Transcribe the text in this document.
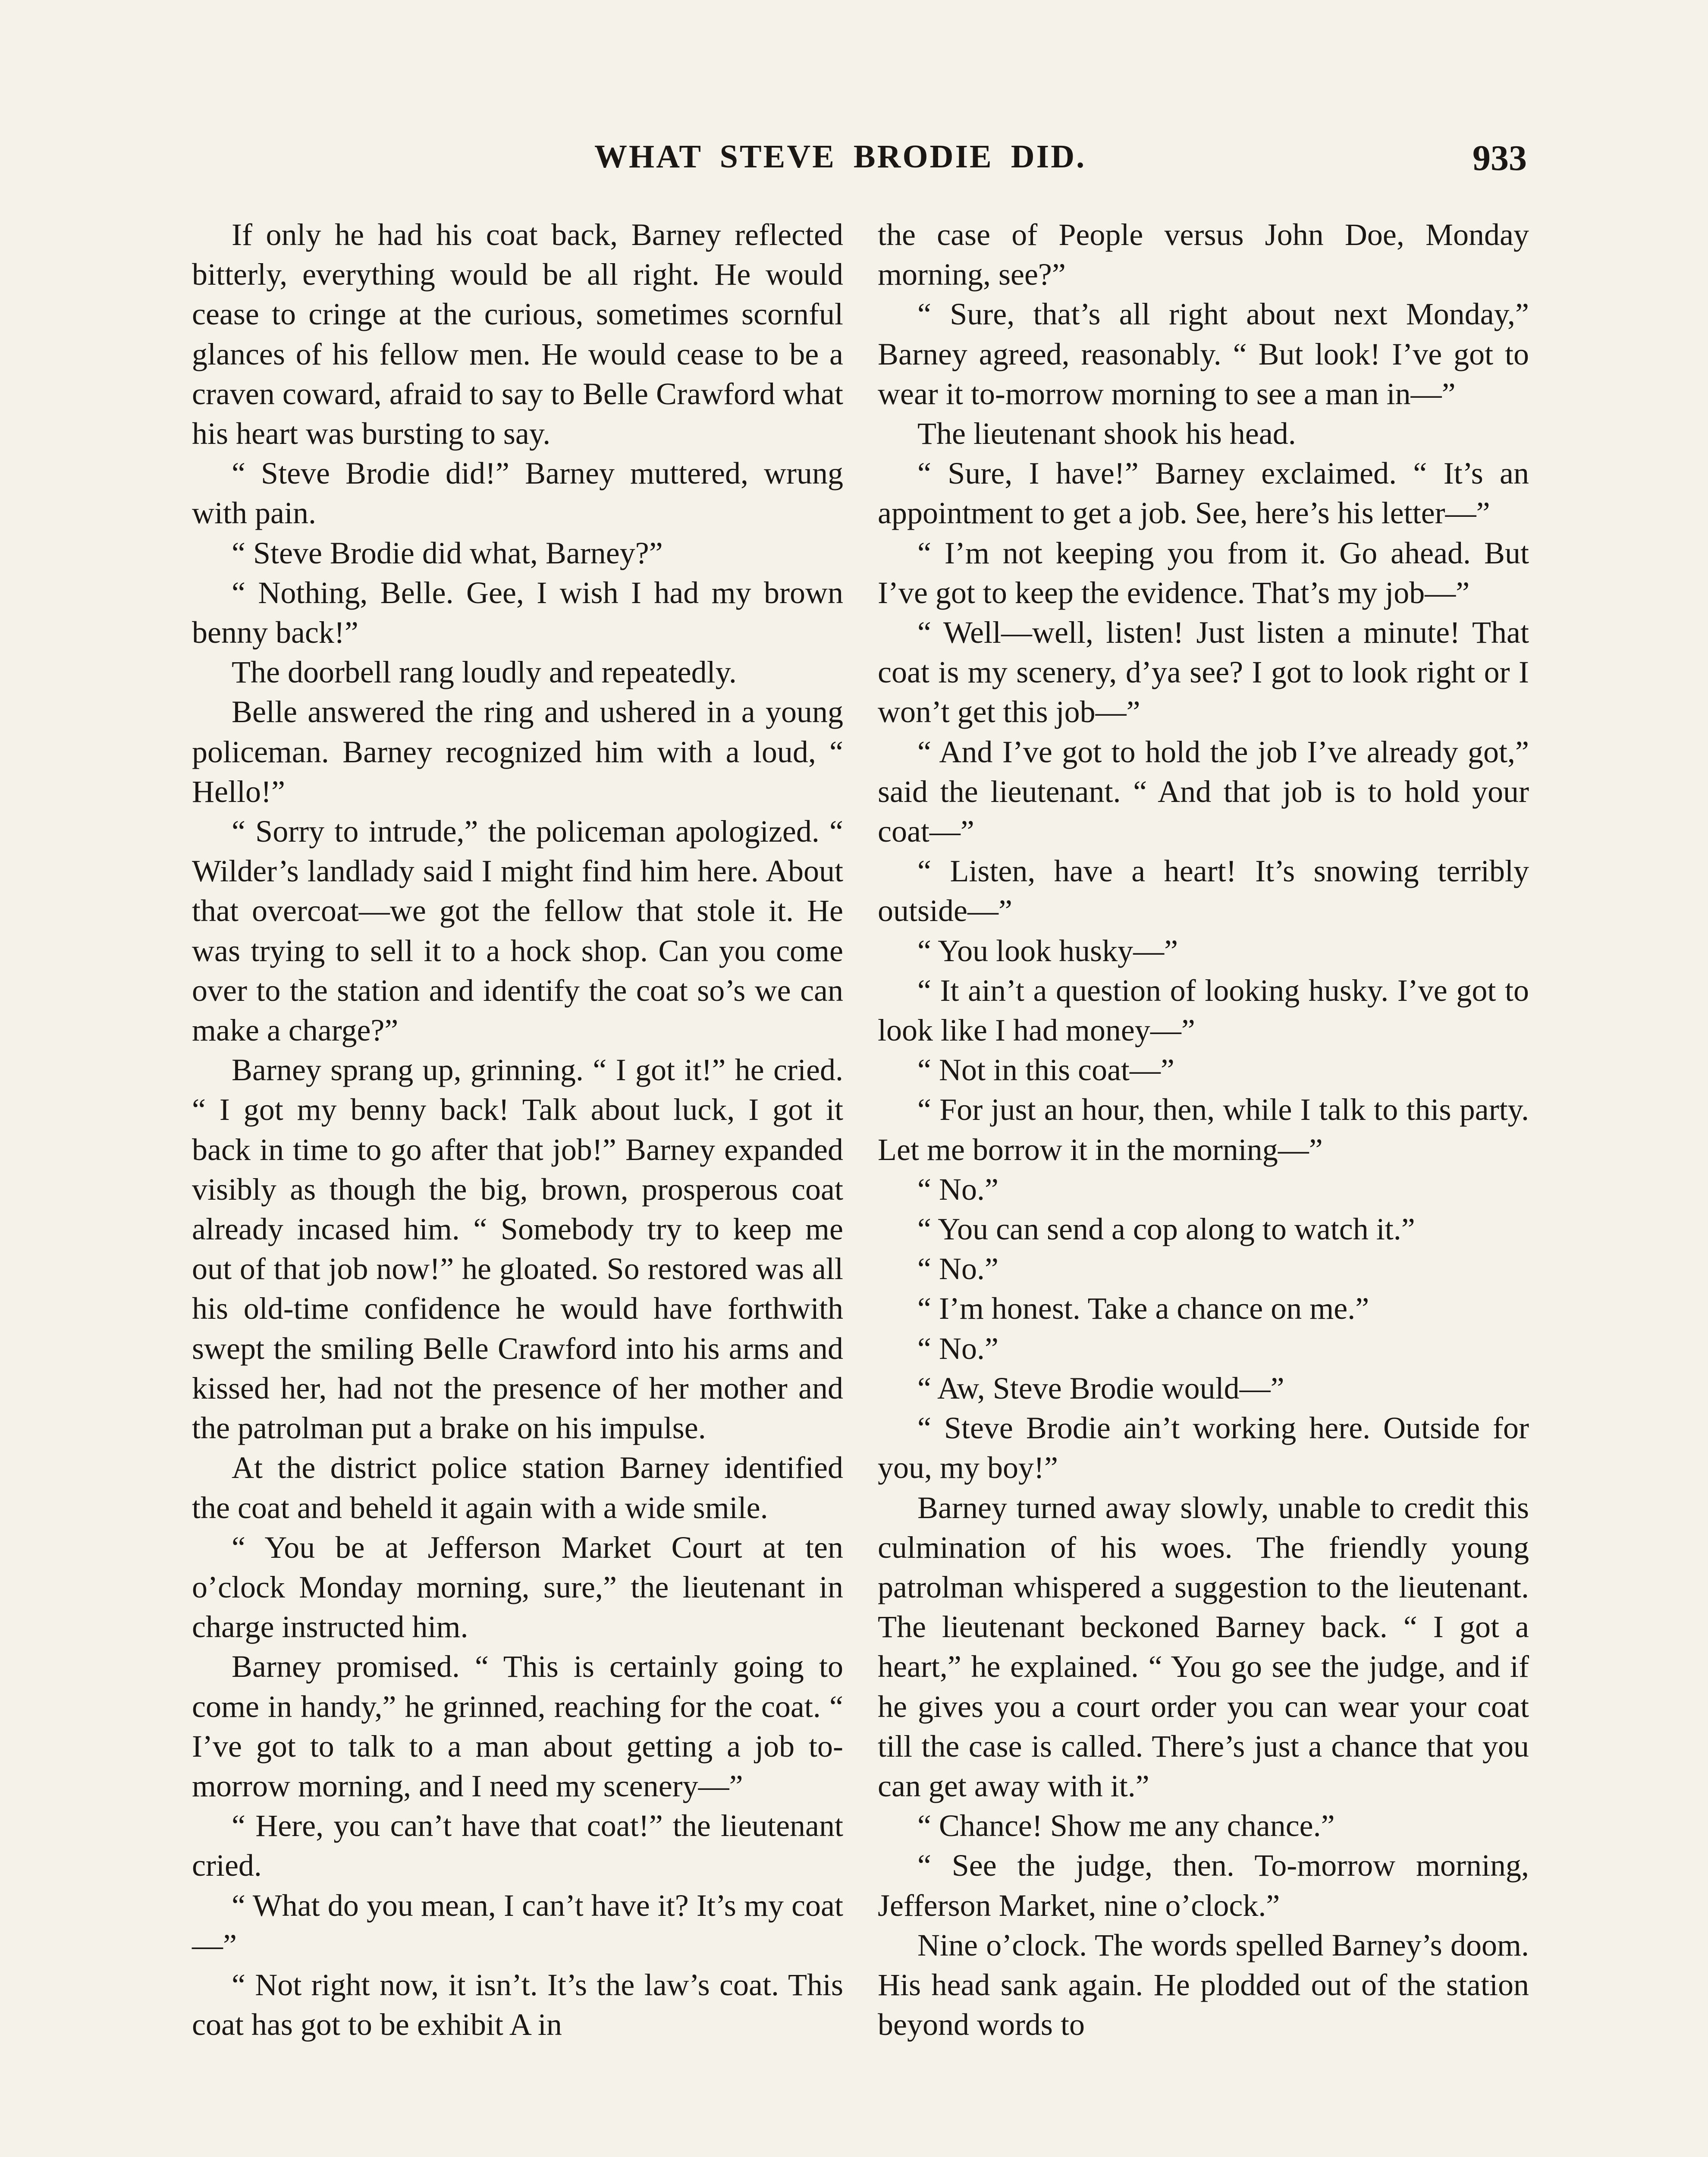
WHAT STEVE BRODIE DID.	933

If only he had his coat back, Barney reflected bitterly, everything would be all right. He would cease to cringe at the curious, sometimes scornful glances of his fellow men. He would cease to be a craven coward, afraid to say to Belle Crawford what his heart was bursting to say.

“ Steve Brodie did!” Barney muttered, wrung with pain.

“ Steve Brodie did what, Barney?”

“ Nothing, Belle. Gee, I wish I had my brown benny back!”

The doorbell rang loudly and repeatedly.

Belle answered the ring and ushered in a young policeman. Barney recognized him with a loud, “ Hello!”

“ Sorry to intrude,” the policeman apologized. “ Wilder’s landlady said I might find him here. About that overcoat—we got the fellow that stole it. He was trying to sell it to a hock shop. Can you come over to the station and identify the coat so’s we can make a charge?”

Barney sprang up, grinning. “ I got it!” he cried. “ I got my benny back! Talk about luck, I got it back in time to go after that job!” Barney expanded visibly as though the big, brown, prosperous coat already incased him. “ Somebody try to keep me out of that job now!” he gloated. So restored was all his old-time confidence he would have forthwith swept the smiling Belle Crawford into his arms and kissed her, had not the presence of her mother and the patrolman put a brake on his impulse.

At the district police station Barney identified the coat and beheld it again with a wide smile.

“ You be at Jefferson Market Court at ten o’clock Monday morning, sure,” the lieutenant in charge instructed him.

Barney promised. “ This is certainly going to come in handy,” he grinned, reaching for the coat. “ I’ve got to talk to a man about getting a job to-morrow morning, and I need my scenery—”

“ Here, you can’t have that coat!” the lieutenant cried.

“ What do you mean, I can’t have it? It’s my coat—”

“ Not right now, it isn’t. It’s the law’s coat. This coat has got to be exhibit A in

the case of People versus John Doe, Monday morning, see?”

“ Sure, that’s all right about next Monday,” Barney agreed, reasonably. “ But look! I’ve got to wear it to-morrow morning to see a man in—”

The lieutenant shook his head.

“ Sure, I have!” Barney exclaimed. “ It’s an appointment to get a job. See, here’s his letter—”

“ I’m not keeping you from it. Go ahead. But I’ve got to keep the evidence. That’s my job—”

“ Well—well, listen! Just listen a minute! That coat is my scenery, d’ya see? I got to look right or I won’t get this job—”

“ And I’ve got to hold the job I’ve already got,” said the lieutenant. “ And that job is to hold your coat—”

“ Listen, have a heart! It’s snowing terribly outside—”

“ You look husky—”

“ It ain’t a question of looking husky. I’ve got to look like I had money—”

“ Not in this coat—”

“ For just an hour, then, while I talk to this party. Let me borrow it in the morning—”

“ No.”

“ You can send a cop along to watch it.”

“ No.”

“ I’m honest. Take a chance on me.”

“ No.”

“ Aw, Steve Brodie would—”

“ Steve Brodie ain’t working here. Outside for you, my boy!”

Barney turned away slowly, unable to credit this culmination of his woes. The friendly young patrolman whispered a suggestion to the lieutenant. The lieutenant beckoned Barney back. “ I got a heart,” he explained. “ You go see the judge, and if he gives you a court order you can wear your coat till the case is called. There’s just a chance that you can get away with it.”

“ Chance! Show me any chance.”

“ See the judge, then. To-morrow morning, Jefferson Market, nine o’clock.”

Nine o’clock. The words spelled Barney’s doom. His head sank again. He plodded out of the station beyond words to
